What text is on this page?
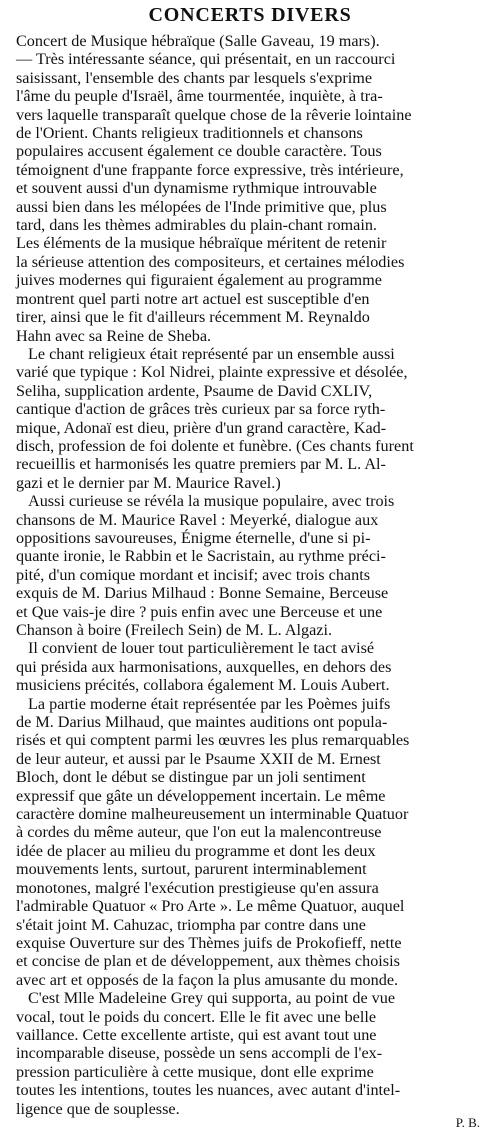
CONCERTS DIVERS

Concert de Musique hébraïque (Salle Gaveau, 19 mars).
— Très intéressante séance, qui présentait, en un raccourci
saisissant, l'ensemble des chants par lesquels s'exprime
l'âme du peuple d'Israël, âme tourmentée, inquiète, à tra-
vers laquelle transparaît quelque chose de la rêverie lointaine
de l'Orient. Chants religieux traditionnels et chansons
populaires accusent également ce double caractère. Tous
témoignent d'une frappante force expressive, très intérieure,
et souvent aussi d'un dynamisme rythmique introuvable
aussi bien dans les mélopées de l'Inde primitive que, plus
tard, dans les thèmes admirables du plain-chant romain.
Les éléments de la musique hébraïque méritent de retenir
la sérieuse attention des compositeurs, et certaines mélodies
juives modernes qui figuraient également au programme
montrent quel parti notre art actuel est susceptible d'en
tirer, ainsi que le fit d'ailleurs récemment M. Reynaldo
Hahn avec sa Reine de Sheba.

Le chant religieux était représenté par un ensemble aussi
varié que typique : Kol Nidrei, plainte expressive et désolée,
Seliha, supplication ardente, Psaume de David CXLIV,
cantique d'action de grâces très curieux par sa force ryth-
mique, Adonaï est dieu, prière d'un grand caractère, Kad-
disch, profession de foi dolente et funèbre. (Ces chants furent
recueillis et harmonisés les quatre premiers par M. L. Al-
gazi et le dernier par M. Maurice Ravel.)

Aussi curieuse se révéla la musique populaire, avec trois
chansons de M. Maurice Ravel : Meyerké, dialogue aux
oppositions savoureuses, Énigme éternelle, d'une si pi-
quante ironie, le Rabbin et le Sacristain, au rythme préci-
pité, d'un comique mordant et incisif; avec trois chants
exquis de M. Darius Milhaud : Bonne Semaine, Berceuse
et Que vais-je dire ? puis enfin avec une Berceuse et une
Chanson à boire (Freilech Sein) de M. L. Algazi.

Il convient de louer tout particulièrement le tact avisé
qui présida aux harmonisations, auxquelles, en dehors des
musiciens précités, collabora également M. Louis Aubert.

La partie moderne était représentée par les Poèmes juifs
de M. Darius Milhaud, que maintes auditions ont popula-
risés et qui comptent parmi les œuvres les plus remarquables
de leur auteur, et aussi par le Psaume XXII de M. Ernest
Bloch, dont le début se distingue par un joli sentiment
expressif que gâte un développement incertain. Le même
caractère domine malheureusement un interminable Quatuor
à cordes du même auteur, que l'on eut la malencontreuse
idée de placer au milieu du programme et dont les deux
mouvements lents, surtout, parurent interminablement
monotones, malgré l'exécution prestigieuse qu'en assura
l'admirable Quatuor « Pro Arte ». Le même Quatuor, auquel
s'était joint M. Cahuzac, triompha par contre dans une
exquise Ouverture sur des Thèmes juifs de Prokofieff, nette
et concise de plan et de développement, aux thèmes choisis
avec art et opposés de la façon la plus amusante du monde.

C'est Mlle Madeleine Grey qui supporta, au point de vue
vocal, tout le poids du concert. Elle le fit avec une belle
vaillance. Cette excellente artiste, qui est avant tout une
incomparable diseuse, possède un sens accompli de l'ex-
pression particulière à cette musique, dont elle exprime
toutes les intentions, toutes les nuances, avec autant d'intel-
ligence que de souplesse.
P. B.
